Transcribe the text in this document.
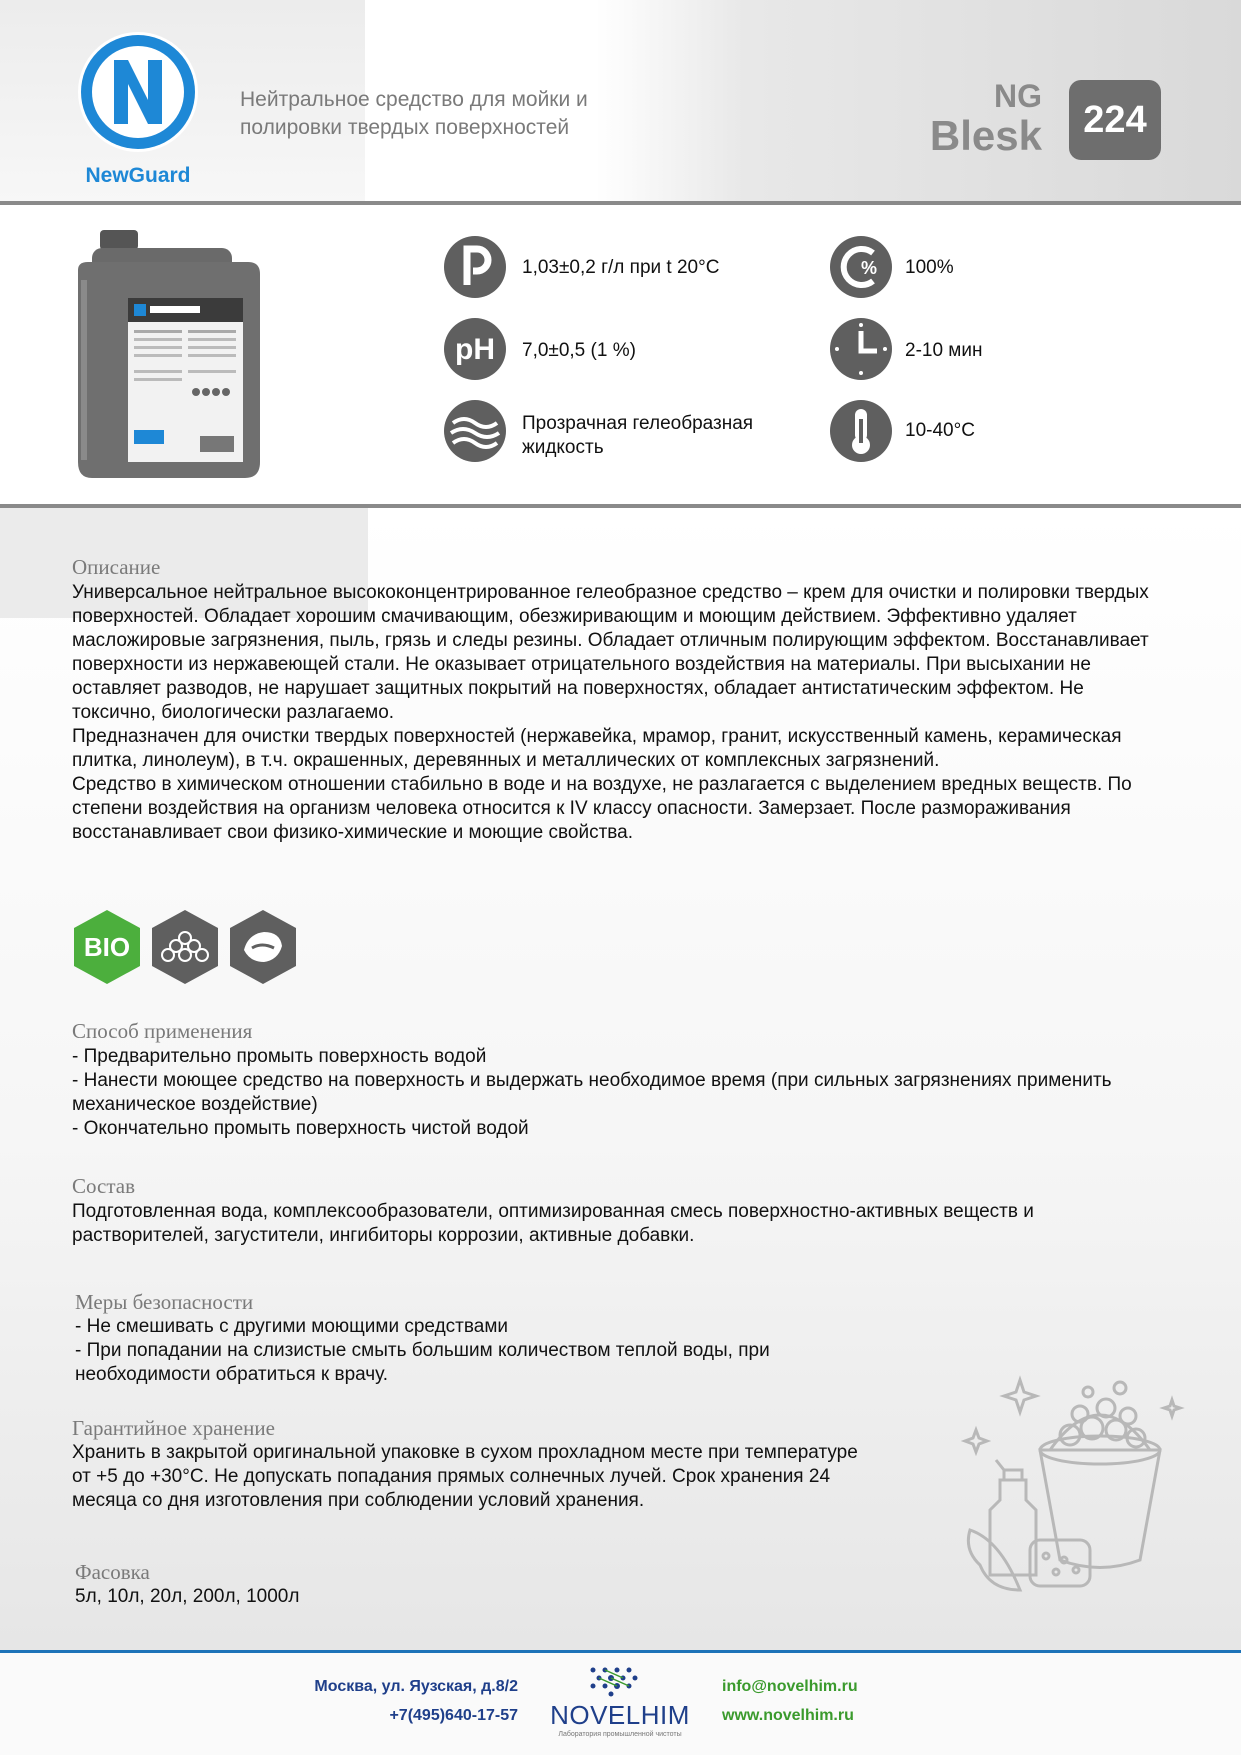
NewGuard
Нейтральное средство для мойки и полировки твердых поверхностей
NG
Blesk	224
pH
%
1,03±0,2 г/л при t 20°C
7,0±0,5 (1 %)
Прозрачная гелеобразная жидкость
100%
2-10 мин
10-40°C
Описание

Универсальное нейтральное высококонцентрированное гелеобразное средство – крем для очистки и полировки твердых поверхностей. Обладает хорошим смачивающим, обезжиривающим и моющим действием. Эффективно удаляет масложировые загрязнения, пыль, грязь и следы резины. Обладает отличным полирующим эффектом. Восстанавливает поверхности из нержавеющей стали. Не оказывает отрицательного воздействия на материалы. При высыхании не оставляет разводов, не нарушает защитных покрытий на поверхностях, обладает антистатическим эффектом. Не токсично, биологически разлагаемо.

Предназначен для очистки твердых поверхностей (нержавейка, мрамор, гранит, искусственный камень, керамическая плитка, линолеум), в т.ч. окрашенных, деревянных и металлических от комплексных загрязнений.

Средство в химическом отношении стабильно в воде и на воздухе, не разлагается с выделением вредных веществ. По степени воздействия на организм человека относится к IV классу опасности. Замерзает. После размораживания восстанавливает свои физико-химические и моющие свойства.

BIO
Способ применения

- Предварительно промыть поверхность водой

- Нанести моющее средство на поверхность и выдержать необходимое время (при сильных загрязнениях применить механическое воздействие)

- Окончательно промыть поверхность чистой водой

Состав
Подготовленная вода, комплексообразователи, оптимизированная смесь поверхностно-активных веществ и растворителей, загустители, ингибиторы коррозии, активные добавки.
Меры безопасности

- Не смешивать с другими моющими средствами

- При попадании на слизистые смыть большим количеством теплой воды, при необходимости обратиться к врачу.

Гарантийное хранение
Хранить в закрытой оригинальной упаковке в сухом прохладном месте при температуре от +5 до +30°С. Не допускать попадания прямых солнечных лучей. Срок хранения 24 месяца со дня изготовления при соблюдении условий хранения.
Фасовка
5л, 10л, 20л, 200л, 1000л
Москва, ул. Яузская, д.8/2
+7(495)640-17-57 NOVELHIM
Лаборатория промышленной чистоты
info@novelhim.ru
www.novelhim.ru
